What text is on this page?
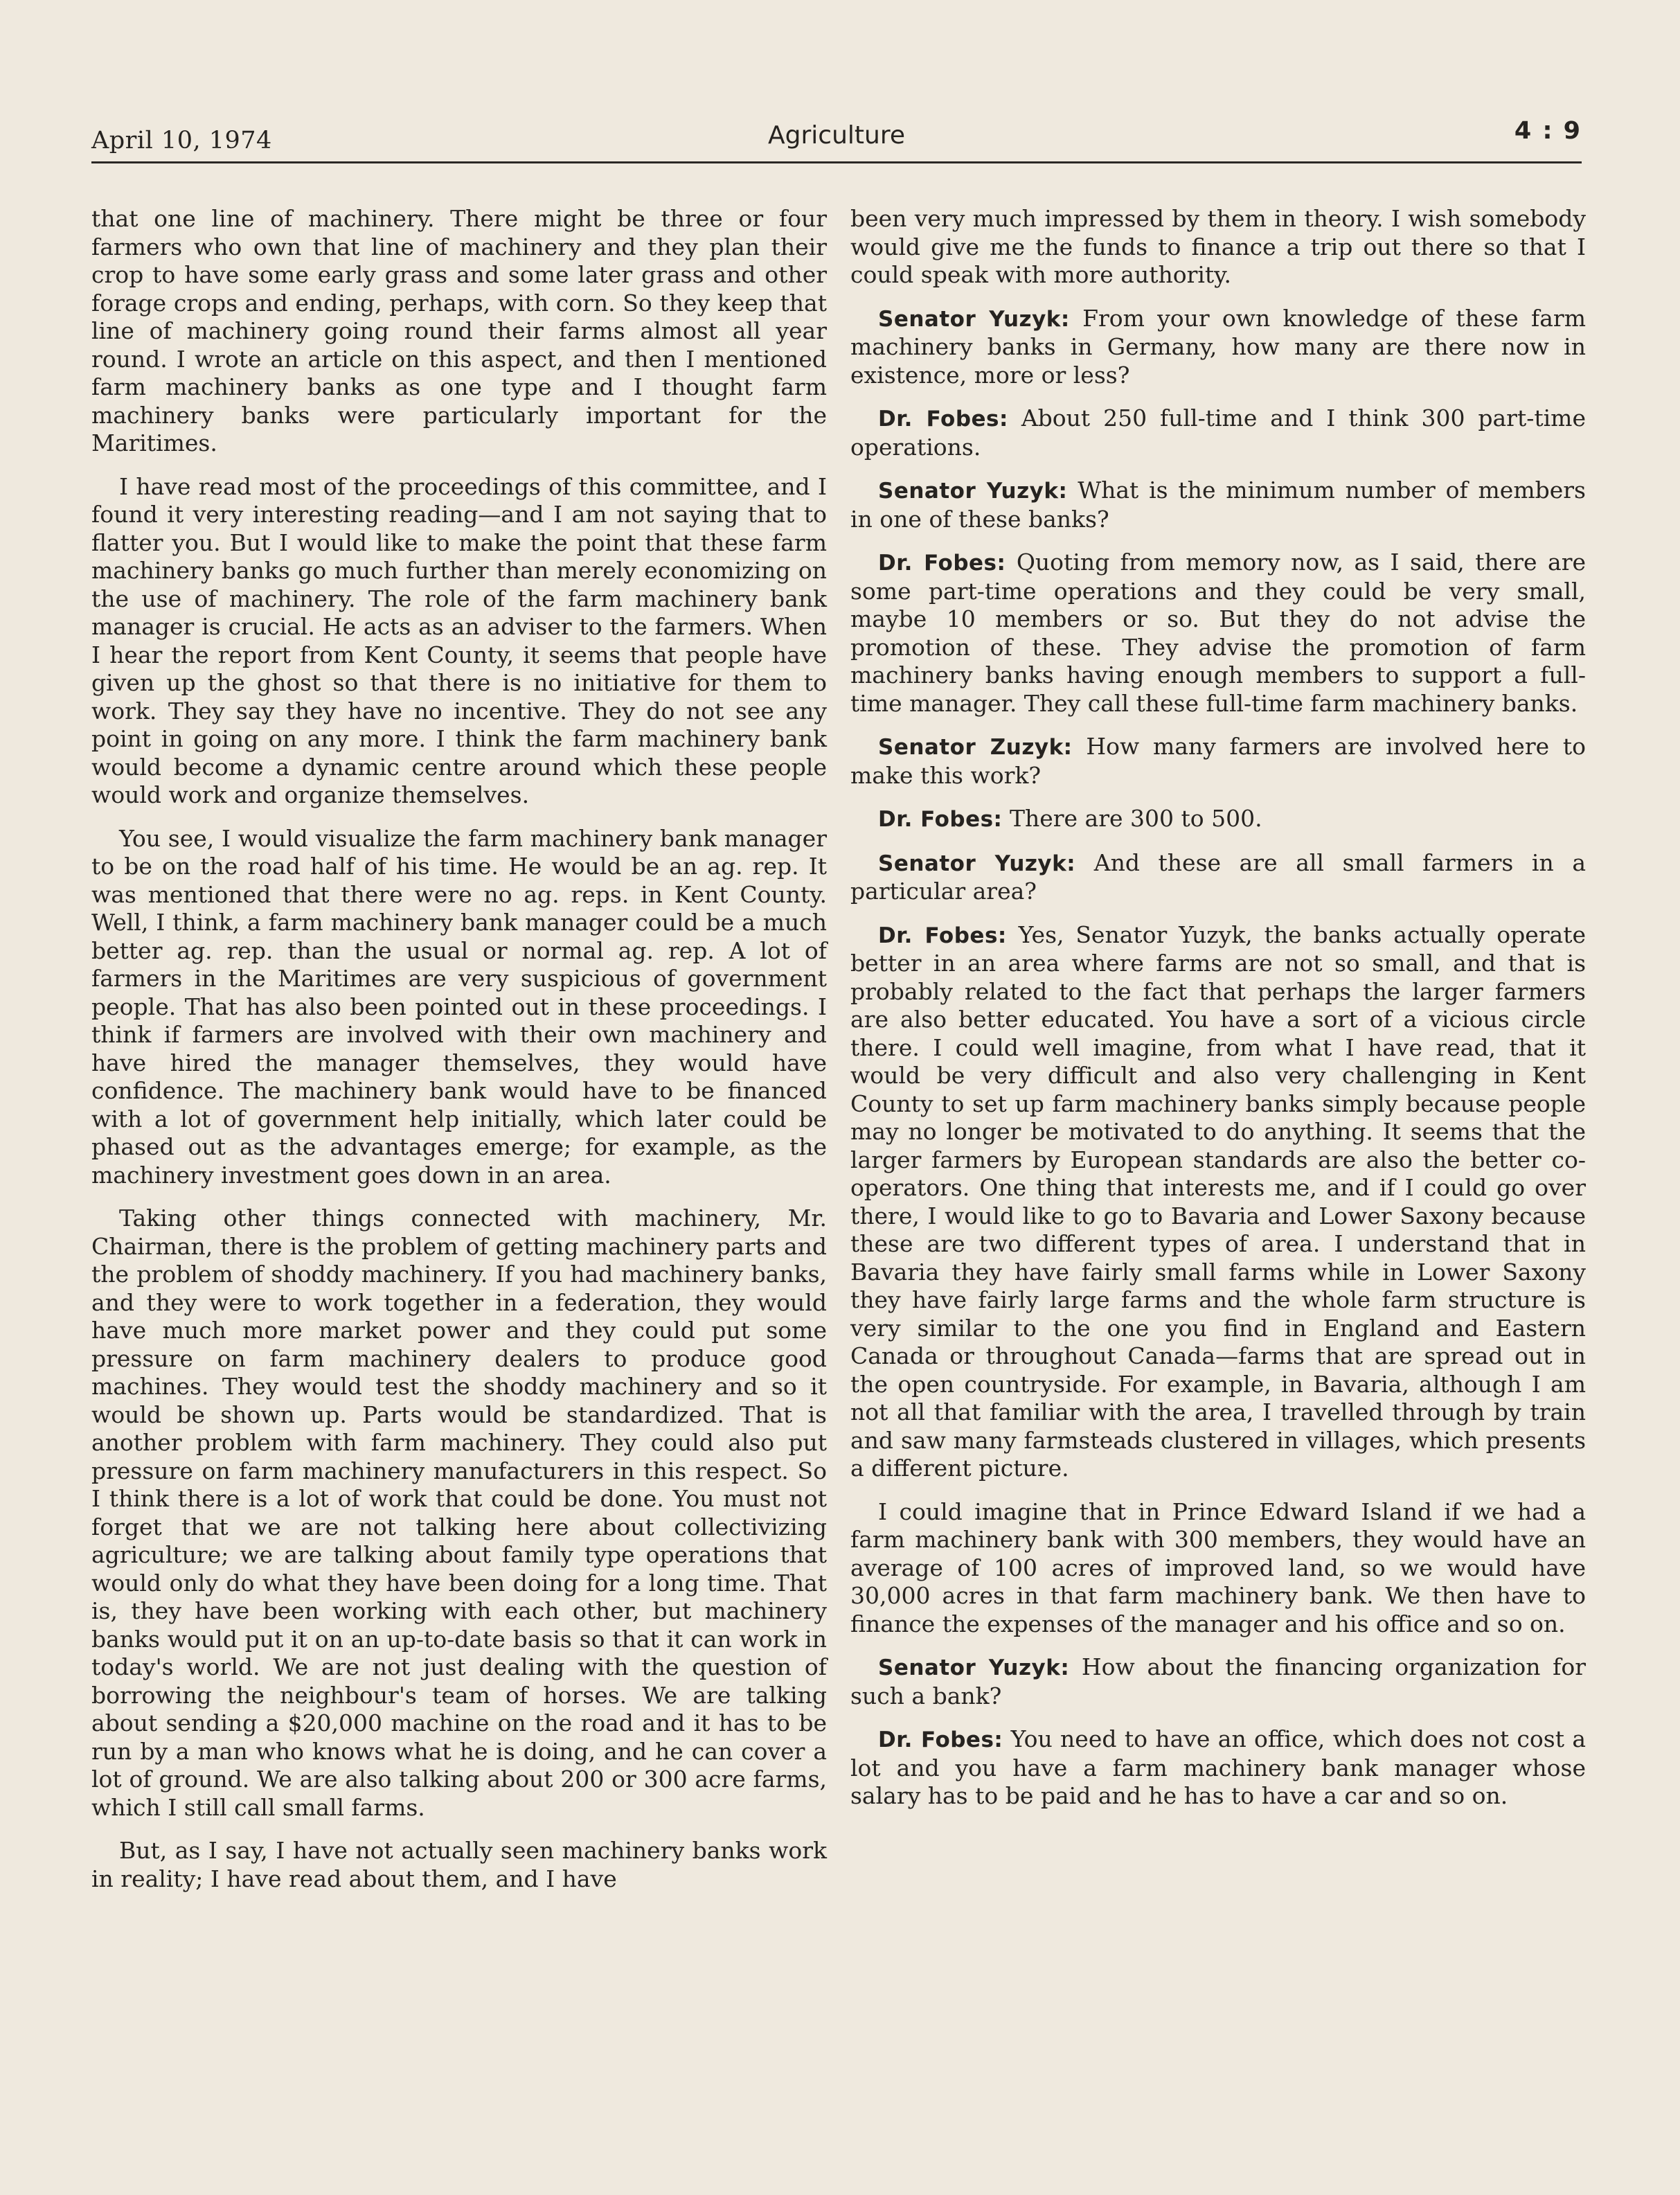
April 10, 1974	Agriculture	4 : 9

that one line of machinery. There might be three or four farmers who own that line of machinery and they plan their crop to have some early grass and some later grass and other forage crops and ending, perhaps, with corn. So they keep that line of machinery going round their farms almost all year round. I wrote an article on this aspect, and then I mentioned farm machinery banks as one type and I thought farm machinery banks were particularly important for the Maritimes.

I have read most of the proceedings of this committee, and I found it very interesting reading—and I am not saying that to flatter you. But I would like to make the point that these farm machinery banks go much further than merely economizing on the use of machinery. The role of the farm machinery bank manager is crucial. He acts as an adviser to the farmers. When I hear the report from Kent County, it seems that people have given up the ghost so that there is no initiative for them to work. They say they have no incentive. They do not see any point in going on any more. I think the farm machinery bank would become a dynamic centre around which these people would work and organize themselves.

You see, I would visualize the farm machinery bank manager to be on the road half of his time. He would be an ag. rep. It was mentioned that there were no ag. reps. in Kent County. Well, I think, a farm machinery bank manager could be a much better ag. rep. than the usual or normal ag. rep. A lot of farmers in the Maritimes are very suspicious of government people. That has also been pointed out in these proceedings. I think if farmers are involved with their own machinery and have hired the manager themselves, they would have confidence. The machinery bank would have to be financed with a lot of government help initially, which later could be phased out as the advantages emerge; for example, as the machinery investment goes down in an area.

Taking other things connected with machinery, Mr. Chairman, there is the problem of getting machinery parts and the problem of shoddy machinery. If you had machinery banks, and they were to work together in a federation, they would have much more market power and they could put some pressure on farm machinery dealers to produce good machines. They would test the shoddy machinery and so it would be shown up. Parts would be standardized. That is another problem with farm machinery. They could also put pressure on farm machinery manufacturers in this respect. So I think there is a lot of work that could be done. You must not forget that we are not talking here about collectivizing agriculture; we are talking about family type operations that would only do what they have been doing for a long time. That is, they have been working with each other, but machinery banks would put it on an up-to-date basis so that it can work in today's world. We are not just dealing with the question of borrowing the neighbour's team of horses. We are talking about sending a $20,000 machine on the road and it has to be run by a man who knows what he is doing, and he can cover a lot of ground. We are also talking about 200 or 300 acre farms, which I still call small farms.

But, as I say, I have not actually seen machinery banks work in reality; I have read about them, and I have

been very much impressed by them in theory. I wish somebody would give me the funds to finance a trip out there so that I could speak with more authority.

Senator Yuzyk: From your own knowledge of these farm machinery banks in Germany, how many are there now in existence, more or less?

Dr. Fobes: About 250 full-time and I think 300 part-time operations.

Senator Yuzyk: What is the minimum number of members in one of these banks?

Dr. Fobes: Quoting from memory now, as I said, there are some part-time operations and they could be very small, maybe 10 members or so. But they do not advise the promotion of these. They advise the promotion of farm machinery banks having enough members to support a full-time manager. They call these full-time farm machinery banks.

Senator Zuzyk: How many farmers are involved here to make this work?

Dr. Fobes: There are 300 to 500.

Senator Yuzyk: And these are all small farmers in a particular area?

Dr. Fobes: Yes, Senator Yuzyk, the banks actually operate better in an area where farms are not so small, and that is probably related to the fact that perhaps the larger farmers are also better educated. You have a sort of a vicious circle there. I could well imagine, from what I have read, that it would be very difficult and also very challenging in Kent County to set up farm machinery banks simply because people may no longer be motivated to do anything. It seems that the larger farmers by European standards are also the better co-operators. One thing that interests me, and if I could go over there, I would like to go to Bavaria and Lower Saxony because these are two different types of area. I understand that in Bavaria they have fairly small farms while in Lower Saxony they have fairly large farms and the whole farm structure is very similar to the one you find in England and Eastern Canada or throughout Canada—farms that are spread out in the open countryside. For example, in Bavaria, although I am not all that familiar with the area, I travelled through by train and saw many farmsteads clustered in villages, which presents a different picture.

I could imagine that in Prince Edward Island if we had a farm machinery bank with 300 members, they would have an average of 100 acres of improved land, so we would have 30,000 acres in that farm machinery bank. We then have to finance the expenses of the manager and his office and so on.

Senator Yuzyk: How about the financing organization for such a bank?

Dr. Fobes: You need to have an office, which does not cost a lot and you have a farm machinery bank manager whose salary has to be paid and he has to have a car and so on.
